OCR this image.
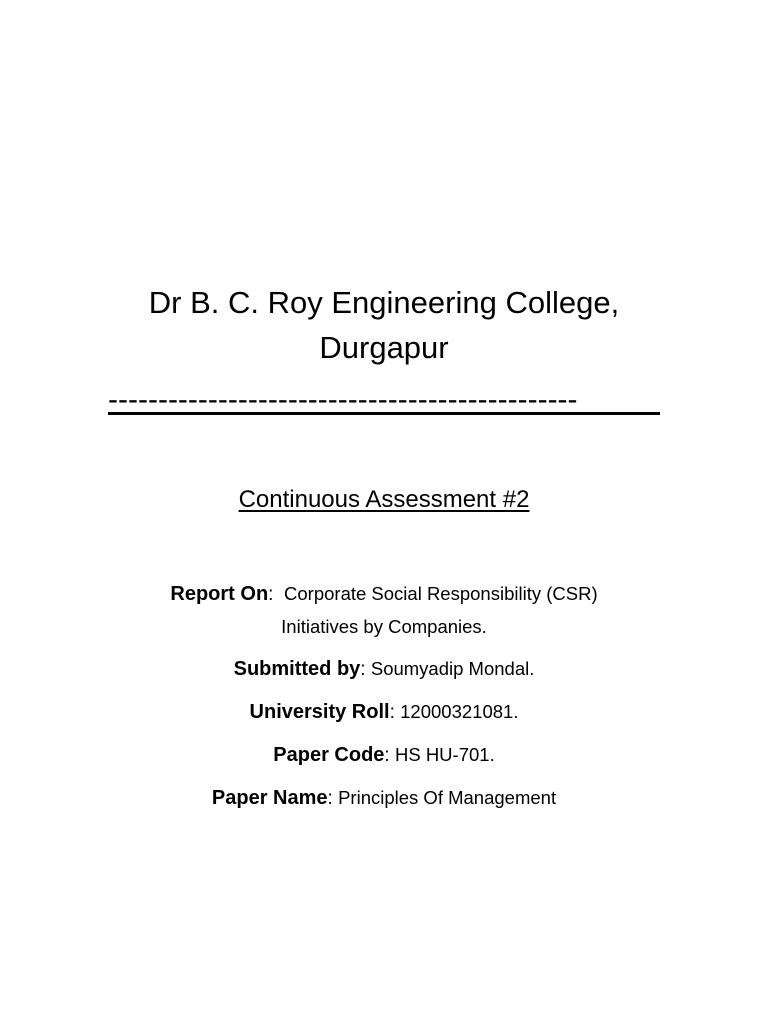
Dr B. C. Roy Engineering College,
Durgapur
-----------------------------------------------
Continuous Assessment #2
Report On:  Corporate Social Responsibility (CSR)
Initiatives by Companies.
Submitted by: Soumyadip Mondal.
University Roll: 12000321081.
Paper Code: HS HU-701.
Paper Name: Principles Of Management
